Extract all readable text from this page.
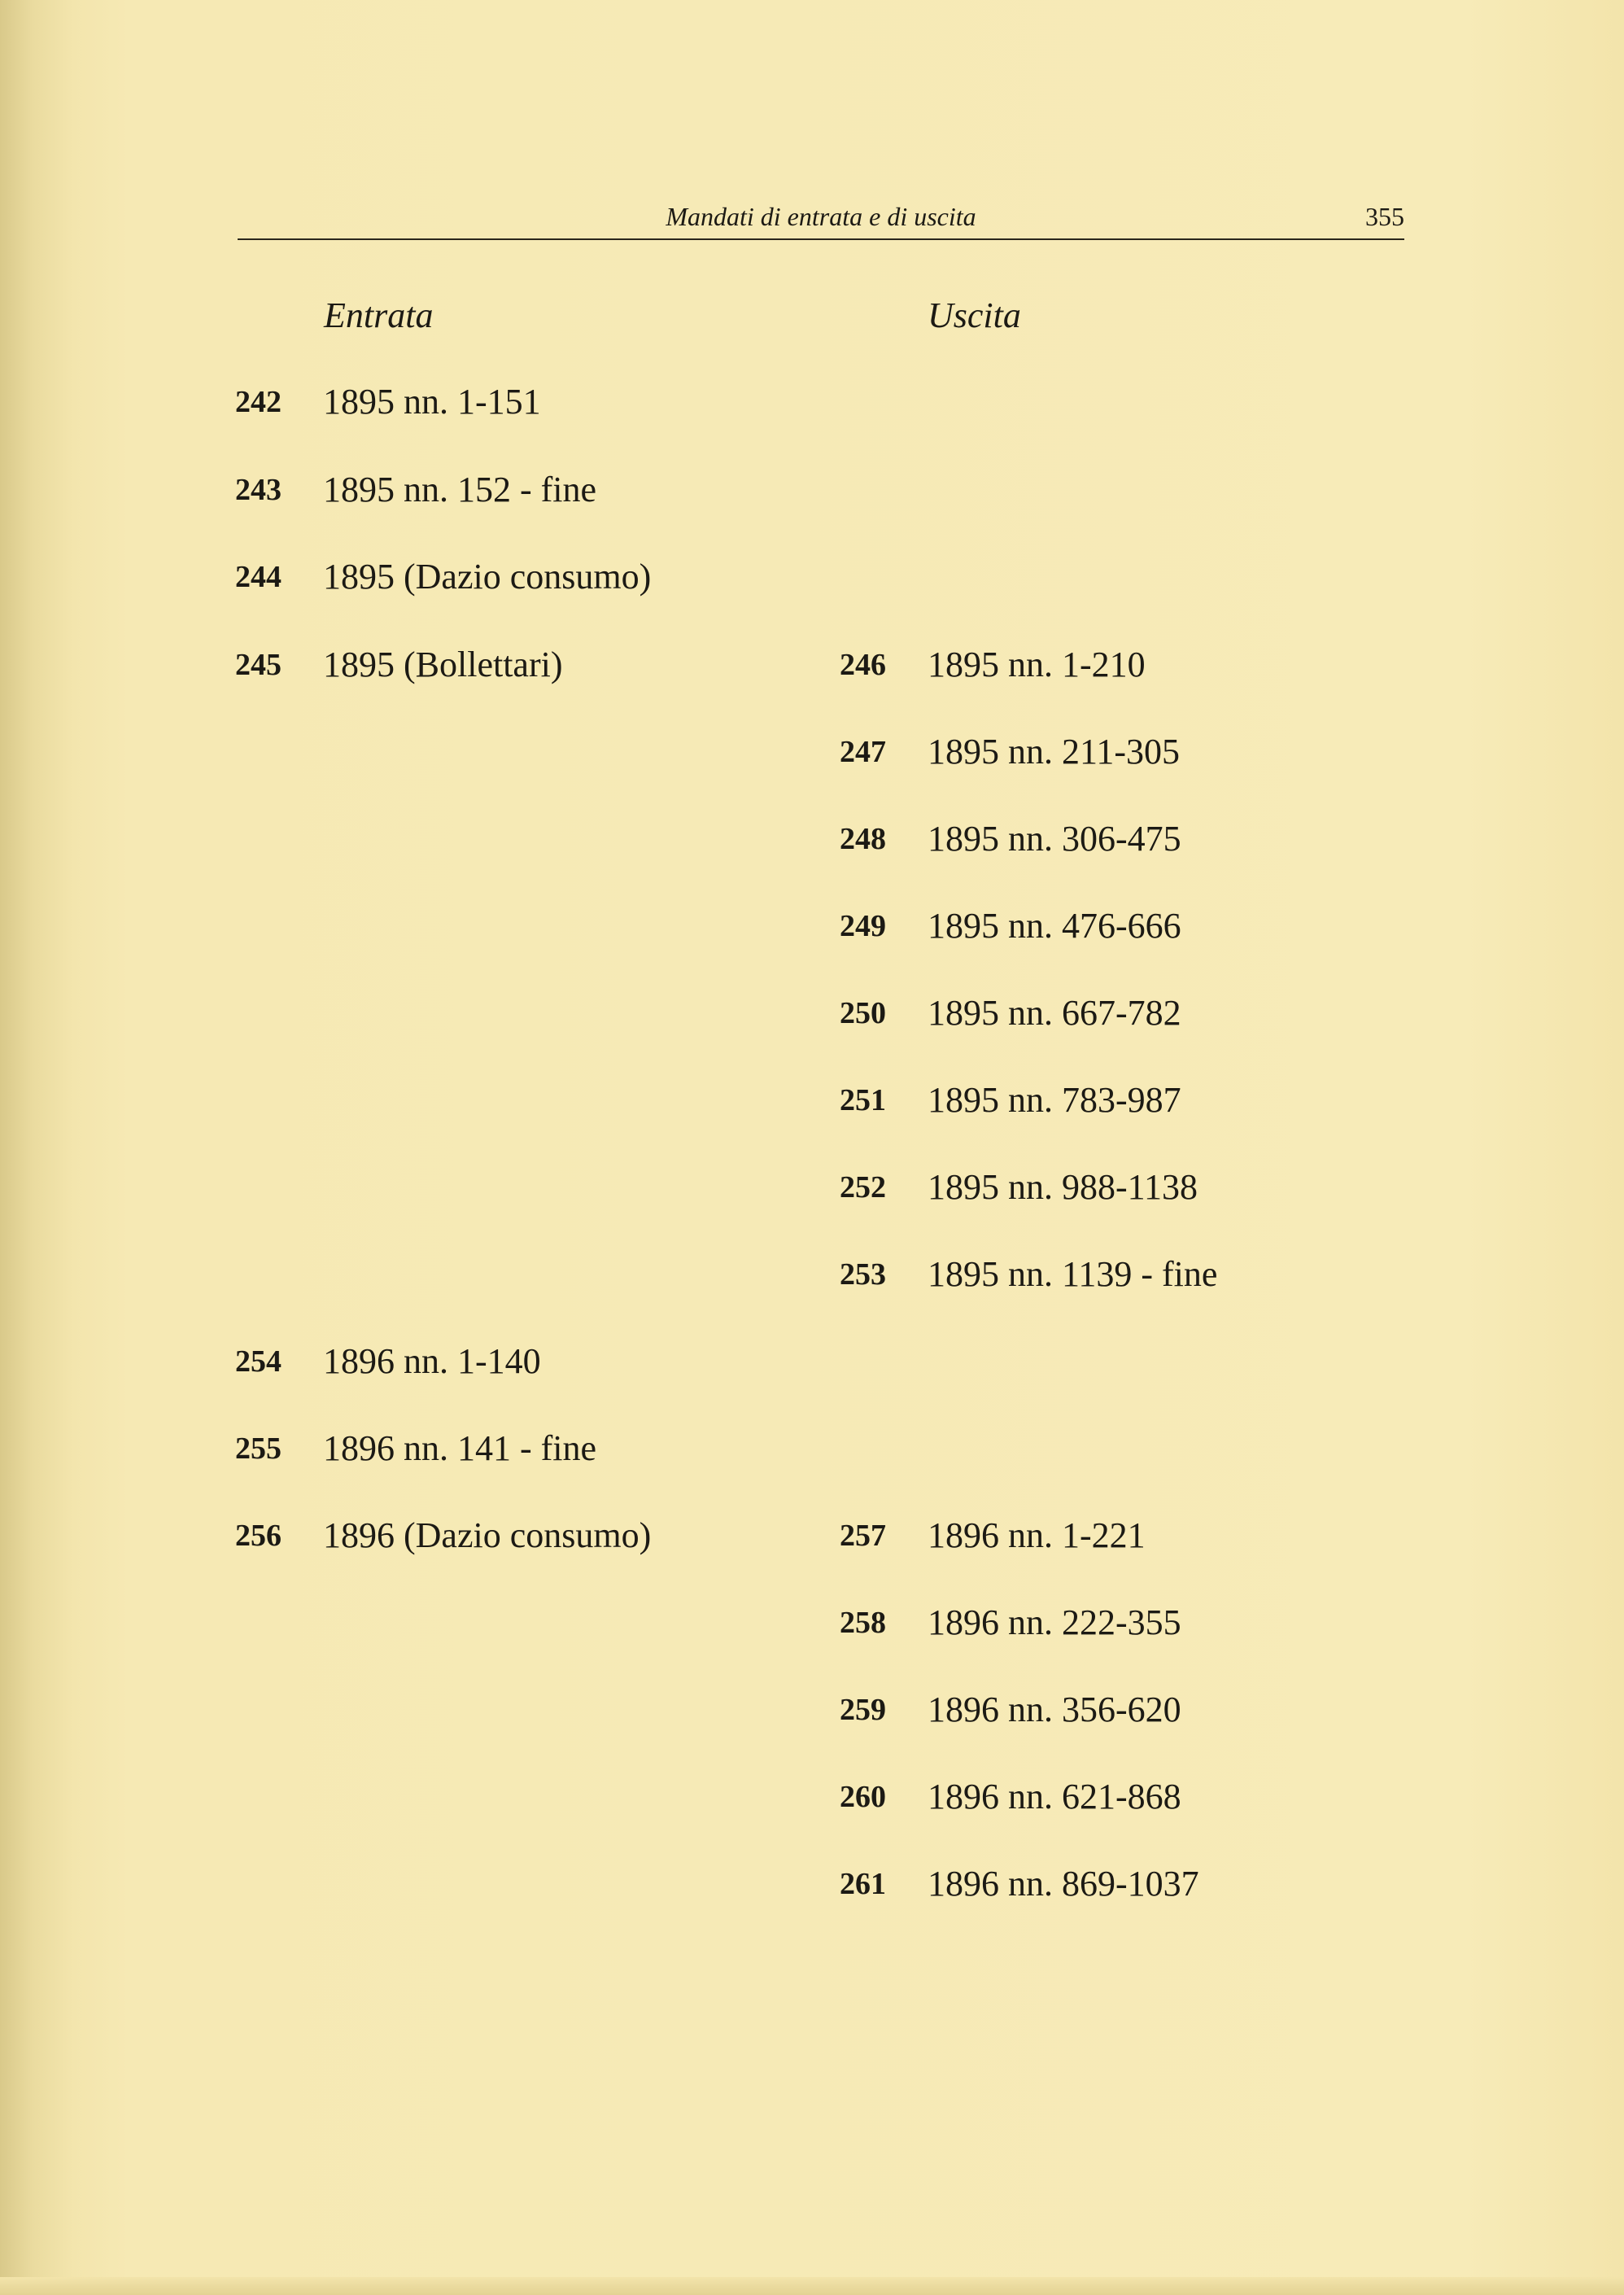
Mandati di entrata e di uscita	355
Entrata	Uscita
242 1895 nn. 1-151
243 1895 nn. 152 - fine
244 1895 (Dazio consumo)
245 1895 (Bollettari)
254 1896 nn. 1-140
255 1896 nn. 141 - fine
256 1896 (Dazio consumo)
246 1895 nn. 1-210
247 1895 nn. 211-305
248 1895 nn. 306-475
249 1895 nn. 476-666
250 1895 nn. 667-782
251 1895 nn. 783-987
252 1895 nn. 988-1138
253 1895 nn. 1139 - fine
257 1896 nn. 1-221
258 1896 nn. 222-355
259 1896 nn. 356-620
260 1896 nn. 621-868
261 1896 nn. 869-1037
